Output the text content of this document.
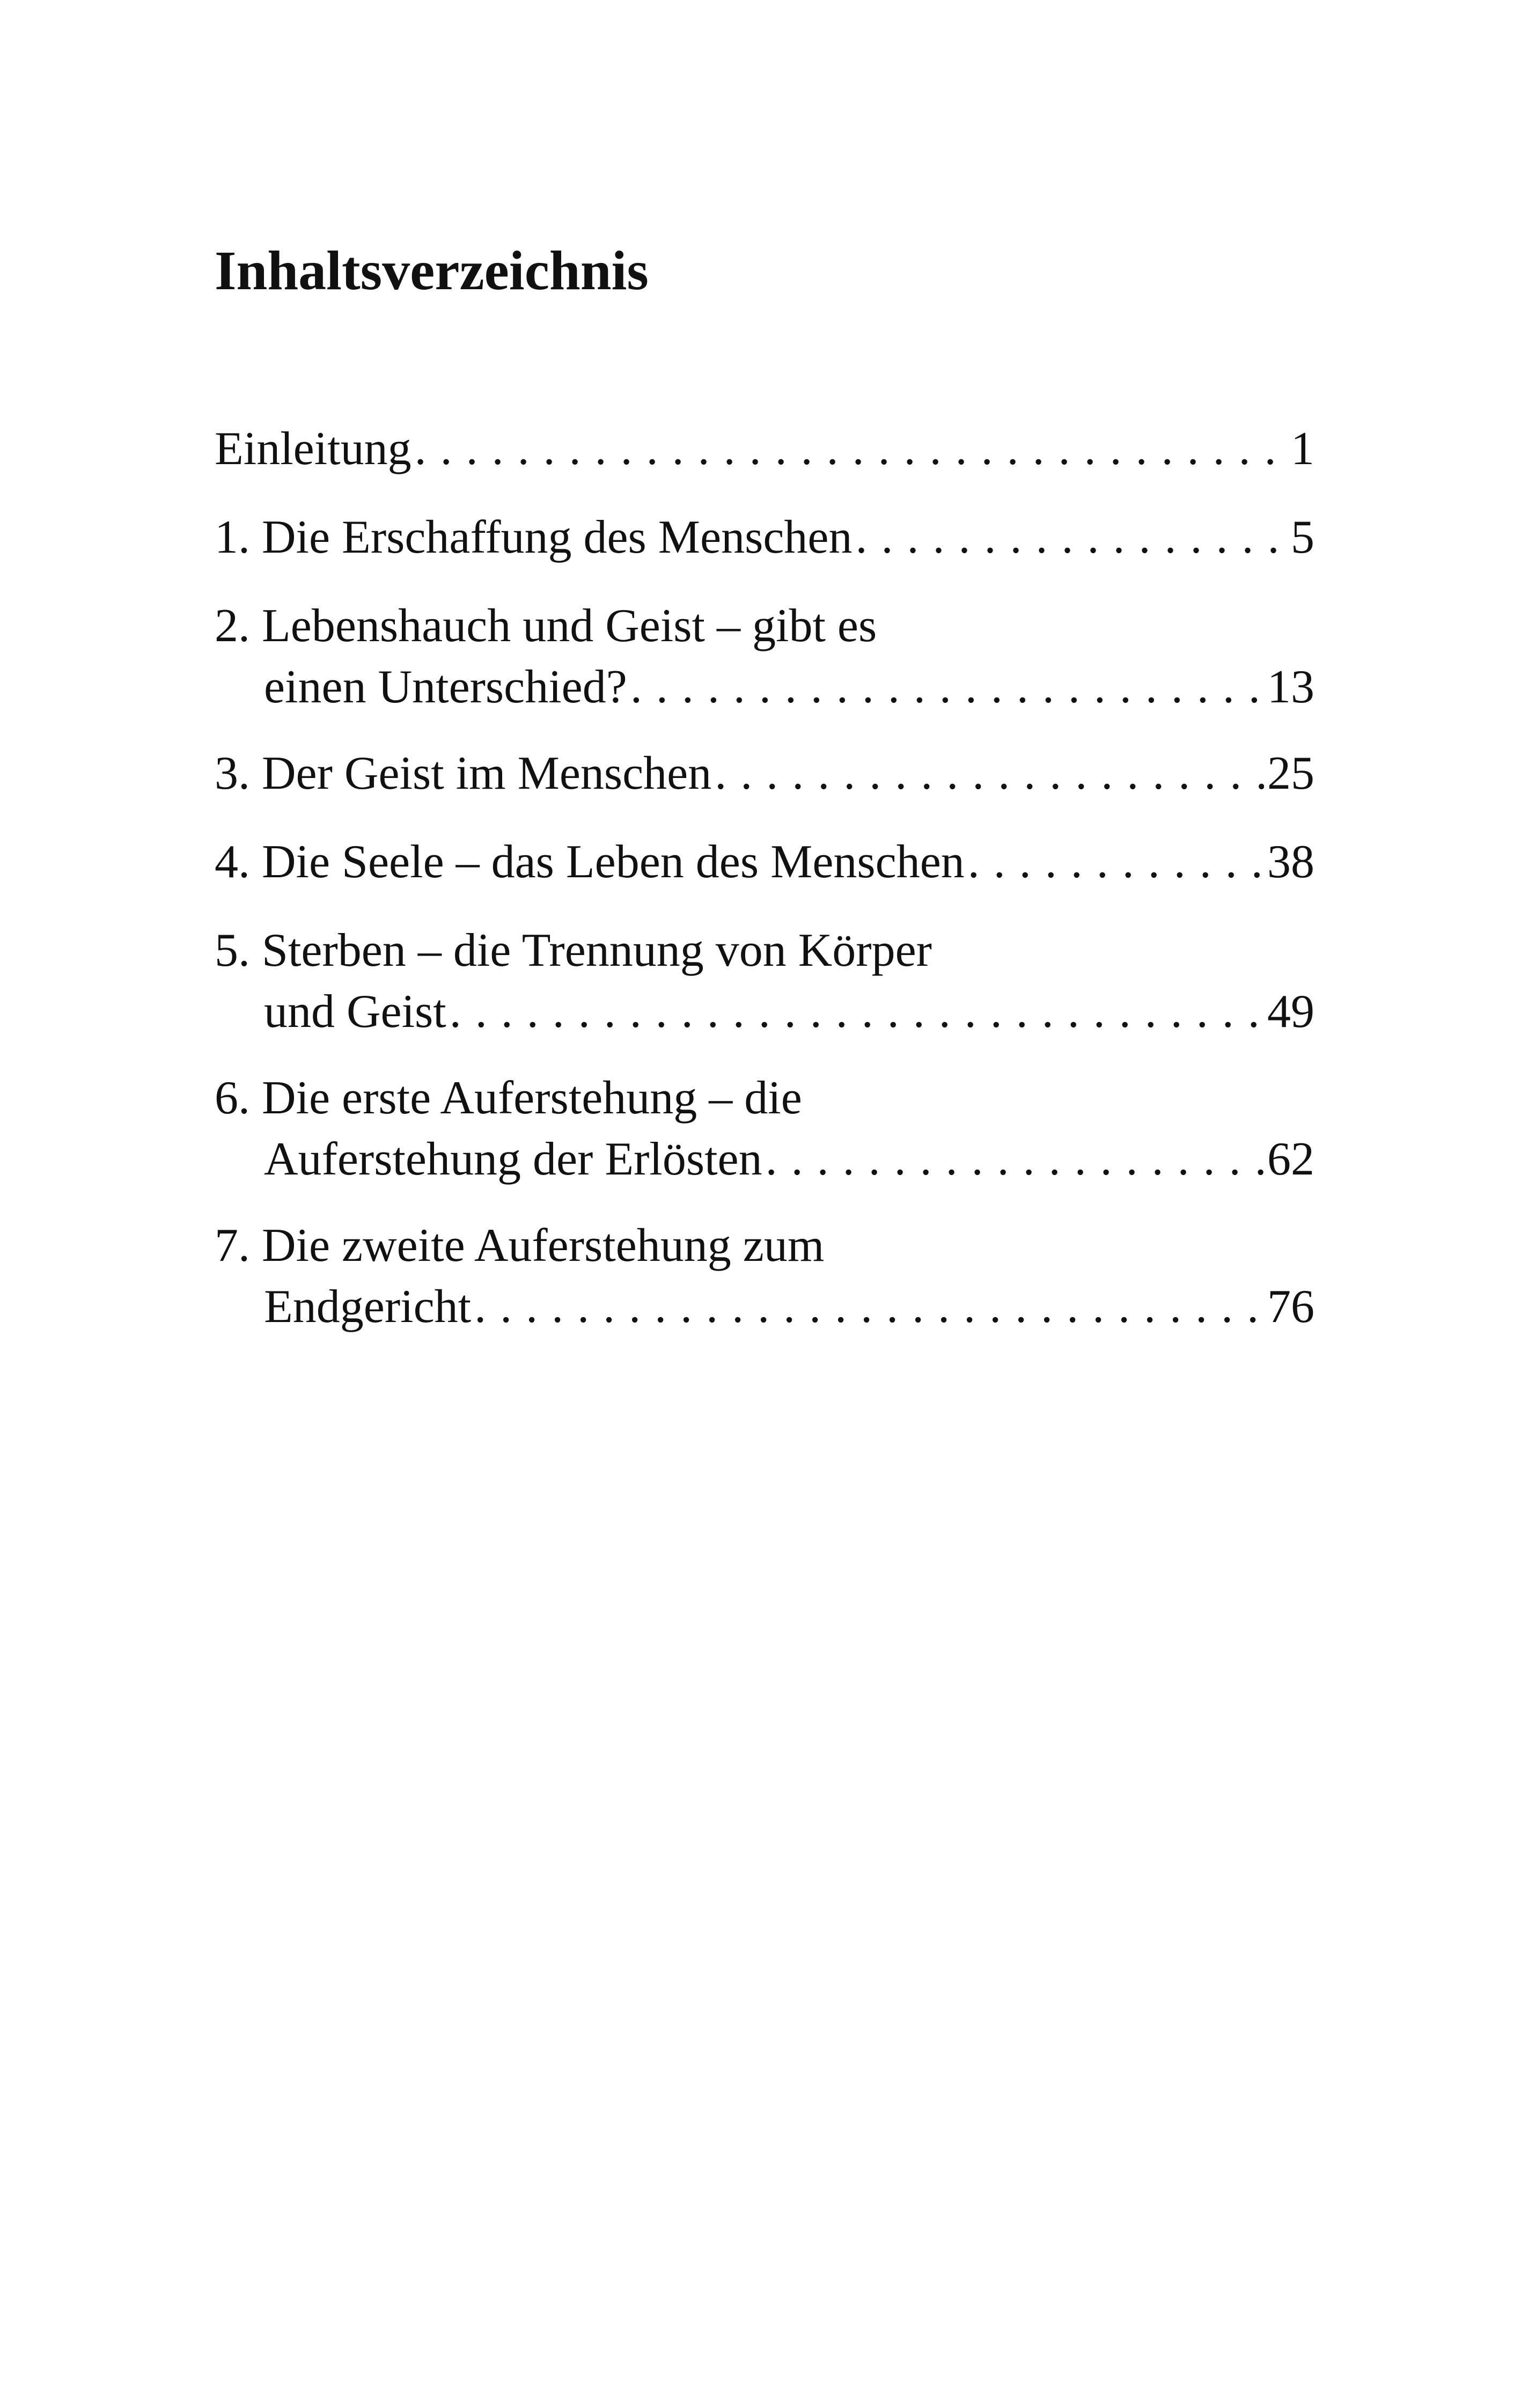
Inhaltsverzeichnis
Einleitung . . .	1
1. Die Erschaffung des Menschen . . .	5
2. Lebenshauch und Geist – gibt es
einen Unterschied? . . .	13
3. Der Geist im Menschen . . .	25
4. Die Seele – das Leben des Menschen . . .	38
5. Sterben – die Trennung von Körper
und Geist . . .	49
6. Die erste Auferstehung – die
Auferstehung der Erlösten . . .	62
7. Die zweite Auferstehung zum
Endgericht . . .	76
